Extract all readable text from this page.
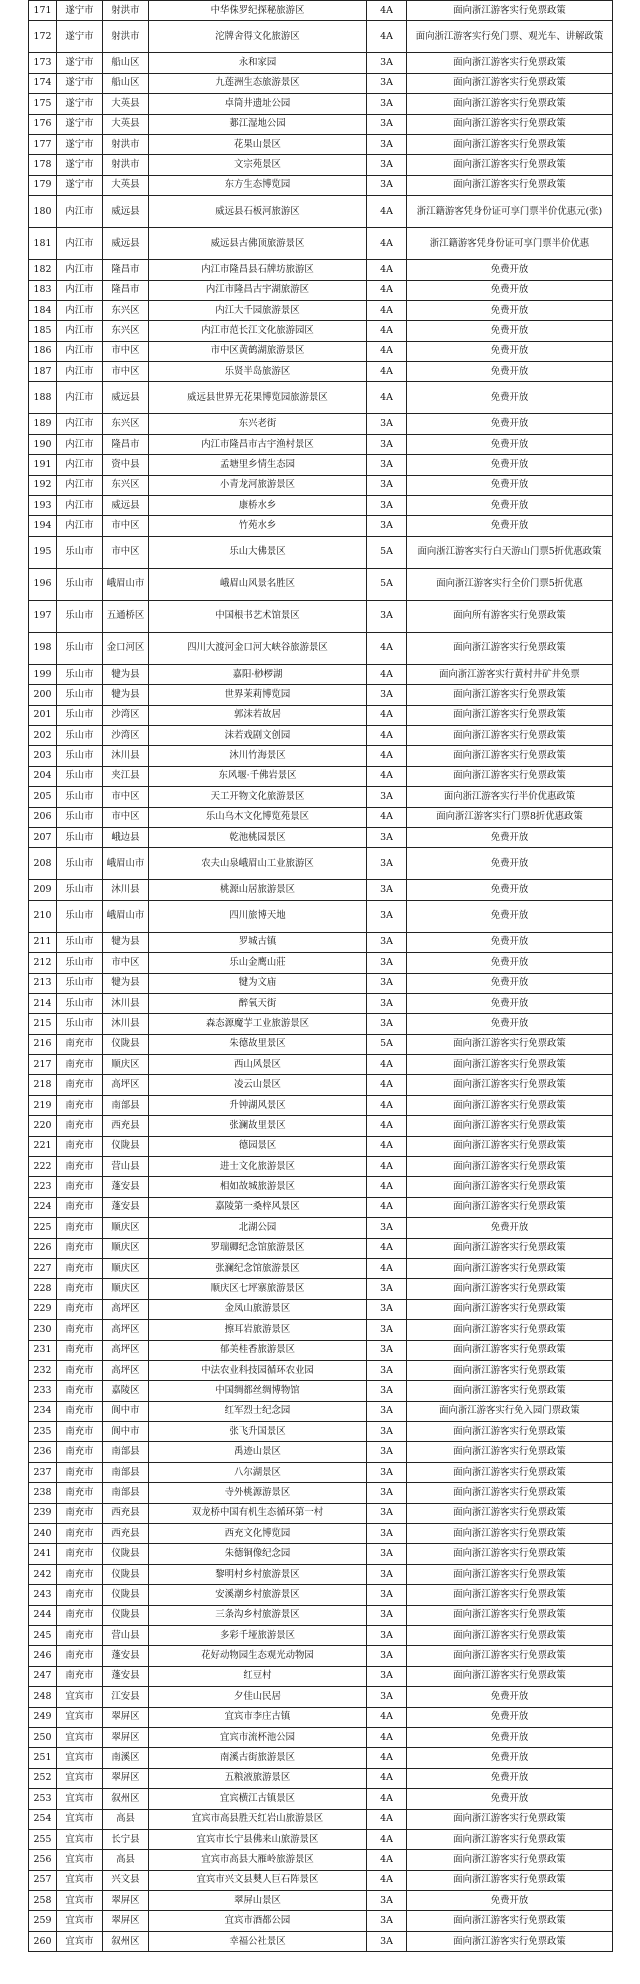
171	遂宁市	射洪市	中华侏罗纪探秘旅游区	4A	面向浙江游客实行免票政策
172	遂宁市	射洪市	沱牌舍得文化旅游区	4A	面向浙江游客实行免门票、观光车、讲解政策
173	遂宁市	船山区	永和家园	3A	面向浙江游客实行免票政策
174	遂宁市	船山区	九莲洲生态旅游景区	3A	面向浙江游客实行免票政策
175	遂宁市	大英县	卓筒井遗址公园	3A	面向浙江游客实行免票政策
176	遂宁市	大英县	郪江湿地公园	3A	面向浙江游客实行免票政策
177	遂宁市	射洪市	花果山景区	3A	面向浙江游客实行免票政策
178	遂宁市	射洪市	文宗苑景区	3A	面向浙江游客实行免票政策
179	遂宁市	大英县	东方生态博览园	3A	面向浙江游客实行免票政策
180	内江市	威远县	威远县石板河旅游区	4A	浙江籍游客凭身份证可享门票半价优惠元(张)
181	内江市	威远县	威远县古佛顶旅游景区	4A	浙江籍游客凭身份证可享门票半价优惠
182	内江市	隆昌市	内江市隆昌县石牌坊旅游区	4A	免费开放
183	内江市	隆昌市	内江市隆昌古宇湖旅游区	4A	免费开放
184	内江市	东兴区	内江大千园旅游景区	4A	免费开放
185	内江市	东兴区	内江市范长江文化旅游园区	4A	免费开放
186	内江市	市中区	市中区黄鹤湖旅游景区	4A	免费开放
187	内江市	市中区	乐贤半岛旅游区	4A	免费开放
188	内江市	威远县	威远县世界无花果博览园旅游景区	4A	免费开放
189	内江市	东兴区	东兴老街	3A	免费开放
190	内江市	隆昌市	内江市隆昌市古宇渔村景区	3A	免费开放
191	内江市	资中县	孟塘里乡情生态园	3A	免费开放
192	内江市	东兴区	小青龙河旅游景区	3A	免费开放
193	内江市	威远县	康桥水乡	3A	免费开放
194	内江市	市中区	竹苑水乡	3A	免费开放
195	乐山市	市中区	乐山大佛景区	5A	面向浙江游客实行白天游山门票5折优惠政策
196	乐山市	峨眉山市	峨眉山风景名胜区	5A	面向浙江游客实行全价门票5折优惠
197	乐山市	五通桥区	中国根书艺术馆景区	3A	面向所有游客实行免票政策
198	乐山市	金口河区	四川大渡河金口河大峡谷旅游景区	4A	面向浙江游客实行免票政策
199	乐山市	犍为县	嘉阳·桫椤湖	4A	面向浙江游客实行黄村井矿井免票
200	乐山市	犍为县	世界茉莉博览园	3A	面向浙江游客实行免票政策
201	乐山市	沙湾区	郭沫若故居	4A	面向浙江游客实行免票政策
202	乐山市	沙湾区	沫若戏剧文创园	4A	面向浙江游客实行免票政策
203	乐山市	沐川县	沐川竹海景区	4A	面向浙江游客实行免票政策
204	乐山市	夹江县	东风堰·千佛岩景区	4A	面向浙江游客实行免票政策
205	乐山市	市中区	天工开物文化旅游景区	3A	面向浙江游客实行半价优惠政策
206	乐山市	市中区	乐山乌木文化博览苑景区	4A	面向浙江游客实行门票8折优惠政策
207	乐山市	峨边县	乾池桃园景区	3A	免费开放
208	乐山市	峨眉山市	农夫山泉峨眉山工业旅游区	3A	免费开放
209	乐山市	沐川县	桃源山居旅游景区	3A	免费开放
210	乐山市	峨眉山市	四川旅博天地	3A	免费开放
211	乐山市	犍为县	罗城古镇	3A	免费开放
212	乐山市	市中区	乐山金鹰山莊	3A	免费开放
213	乐山市	犍为县	犍为文庙	3A	免费开放
214	乐山市	沐川县	醉氧天街	3A	免费开放
215	乐山市	沐川县	森态源魔芋工业旅游景区	3A	免费开放
216	南充市	仪陇县	朱德故里景区	5A	面向浙江游客实行免票政策
217	南充市	顺庆区	西山风景区	4A	面向浙江游客实行免票政策
218	南充市	高坪区	凌云山景区	4A	面向浙江游客实行免票政策
219	南充市	南部县	升钟湖风景区	4A	面向浙江游客实行免票政策
220	南充市	西充县	张澜故里景区	4A	面向浙江游客实行免票政策
221	南充市	仪陇县	德园景区	4A	面向浙江游客实行免票政策
222	南充市	营山县	进士文化旅游景区	4A	面向浙江游客实行免票政策
223	南充市	蓬安县	相如故城旅游景区	4A	面向浙江游客实行免票政策
224	南充市	蓬安县	嘉陵第一桑梓风景区	4A	面向浙江游客实行免票政策
225	南充市	顺庆区	北湖公园	3A	免费开放
226	南充市	顺庆区	罗瑞卿纪念馆旅游景区	4A	面向浙江游客实行免票政策
227	南充市	顺庆区	张澜纪念馆旅游景区	4A	面向浙江游客实行免票政策
228	南充市	顺庆区	顺庆区七坪寨旅游景区	3A	面向浙江游客实行免票政策
229	南充市	高坪区	金凤山旅游景区	3A	面向浙江游客实行免票政策
230	南充市	高坪区	擦耳岩旅游景区	3A	面向浙江游客实行免票政策
231	南充市	高坪区	郁美桂香旅游景区	3A	面向浙江游客实行免票政策
232	南充市	高坪区	中法农业科技园循环农业园	3A	面向浙江游客实行免票政策
233	南充市	嘉陵区	中国绸都丝绸博物馆	3A	面向浙江游客实行免票政策
234	南充市	阆中市	红军烈士纪念园	3A	面向浙江游客实行免入园门票政策
235	南充市	阆中市	张飞升国景区	3A	面向浙江游客实行免票政策
236	南充市	南部县	禹迹山景区	3A	面向浙江游客实行免票政策
237	南充市	南部县	八尔湖景区	3A	面向浙江游客实行免票政策
238	南充市	南部县	寺外桃源游景区	3A	面向浙江游客实行免票政策
239	南充市	西充县	双龙桥中国有机生态循环第一村	3A	面向浙江游客实行免票政策
240	南充市	西充县	西充文化博览园	3A	面向浙江游客实行免票政策
241	南充市	仪陇县	朱德铜像纪念园	3A	面向浙江游客实行免票政策
242	南充市	仪陇县	黎明村乡村旅游景区	3A	面向浙江游客实行免票政策
243	南充市	仪陇县	安溪潮乡村旅游景区	3A	面向浙江游客实行免票政策
244	南充市	仪陇县	三条沟乡村旅游景区	3A	面向浙江游客实行免票政策
245	南充市	营山县	多彩千垭旅游景区	3A	面向浙江游客实行免票政策
246	南充市	蓬安县	花好动物园生态观光动物园	3A	面向浙江游客实行免票政策
247	南充市	蓬安县	红豆村	3A	面向浙江游客实行免票政策
248	宜宾市	江安县	夕佳山民居	3A	免费开放
249	宜宾市	翠屏区	宜宾市李庄古镇	4A	免费开放
250	宜宾市	翠屏区	宜宾市流杯池公园	4A	免费开放
251	宜宾市	南溪区	南溪古街旅游景区	4A	免费开放
252	宜宾市	翠屏区	五粮液旅游景区	4A	免费开放
253	宜宾市	叙州区	宜宾横江古镇景区	4A	免费开放
254	宜宾市	高县	宜宾市高县胜天红岩山旅游景区	4A	面向浙江游客实行免票政策
255	宜宾市	长宁县	宜宾市长宁县佛来山旅游景区	4A	面向浙江游客实行免票政策
256	宜宾市	高县	宜宾市高县大雁岭旅游景区	4A	面向浙江游客实行免票政策
257	宜宾市	兴文县	宜宾市兴文县僰人巨石阵景区	4A	面向浙江游客实行免票政策
258	宜宾市	翠屏区	翠屏山景区	3A	免费开放
259	宜宾市	翠屏区	宜宾市酒都公园	3A	面向浙江游客实行免票政策
260	宜宾市	叙州区	幸福公社景区	3A	面向浙江游客实行免票政策
